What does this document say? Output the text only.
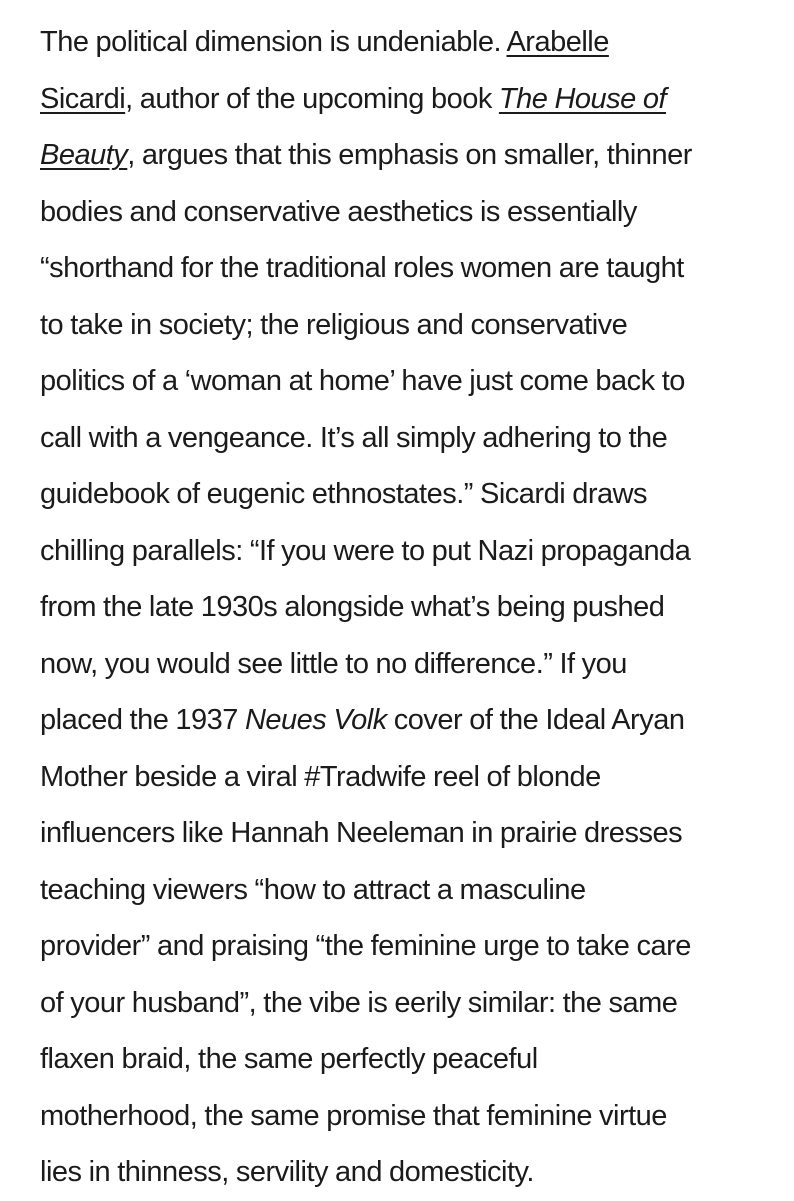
The political dimension is undeniable. Arabelle
Sicardi, author of the upcoming book The House of
Beauty, argues that this emphasis on smaller, thinner
bodies and conservative aesthetics is essentially
“shorthand for the traditional roles women are taught
to take in society; the religious and conservative
politics of a ‘woman at home’ have just come back to
call with a vengeance. It’s all simply adhering to the
guidebook of eugenic ethnostates.” Sicardi draws
chilling parallels: “If you were to put Nazi propaganda
from the late 1930s alongside what’s being pushed
now, you would see little to no difference.” If you
placed the 1937 Neues Volk cover of the Ideal Aryan
Mother beside a viral #Tradwife reel of blonde
influencers like Hannah Neeleman in prairie dresses
teaching viewers “how to attract a masculine
provider” and praising “the feminine urge to take care
of your husband”, the vibe is eerily similar: the same
flaxen braid, the same perfectly peaceful
motherhood, the same promise that feminine virtue
lies in thinness, servility and domesticity.
